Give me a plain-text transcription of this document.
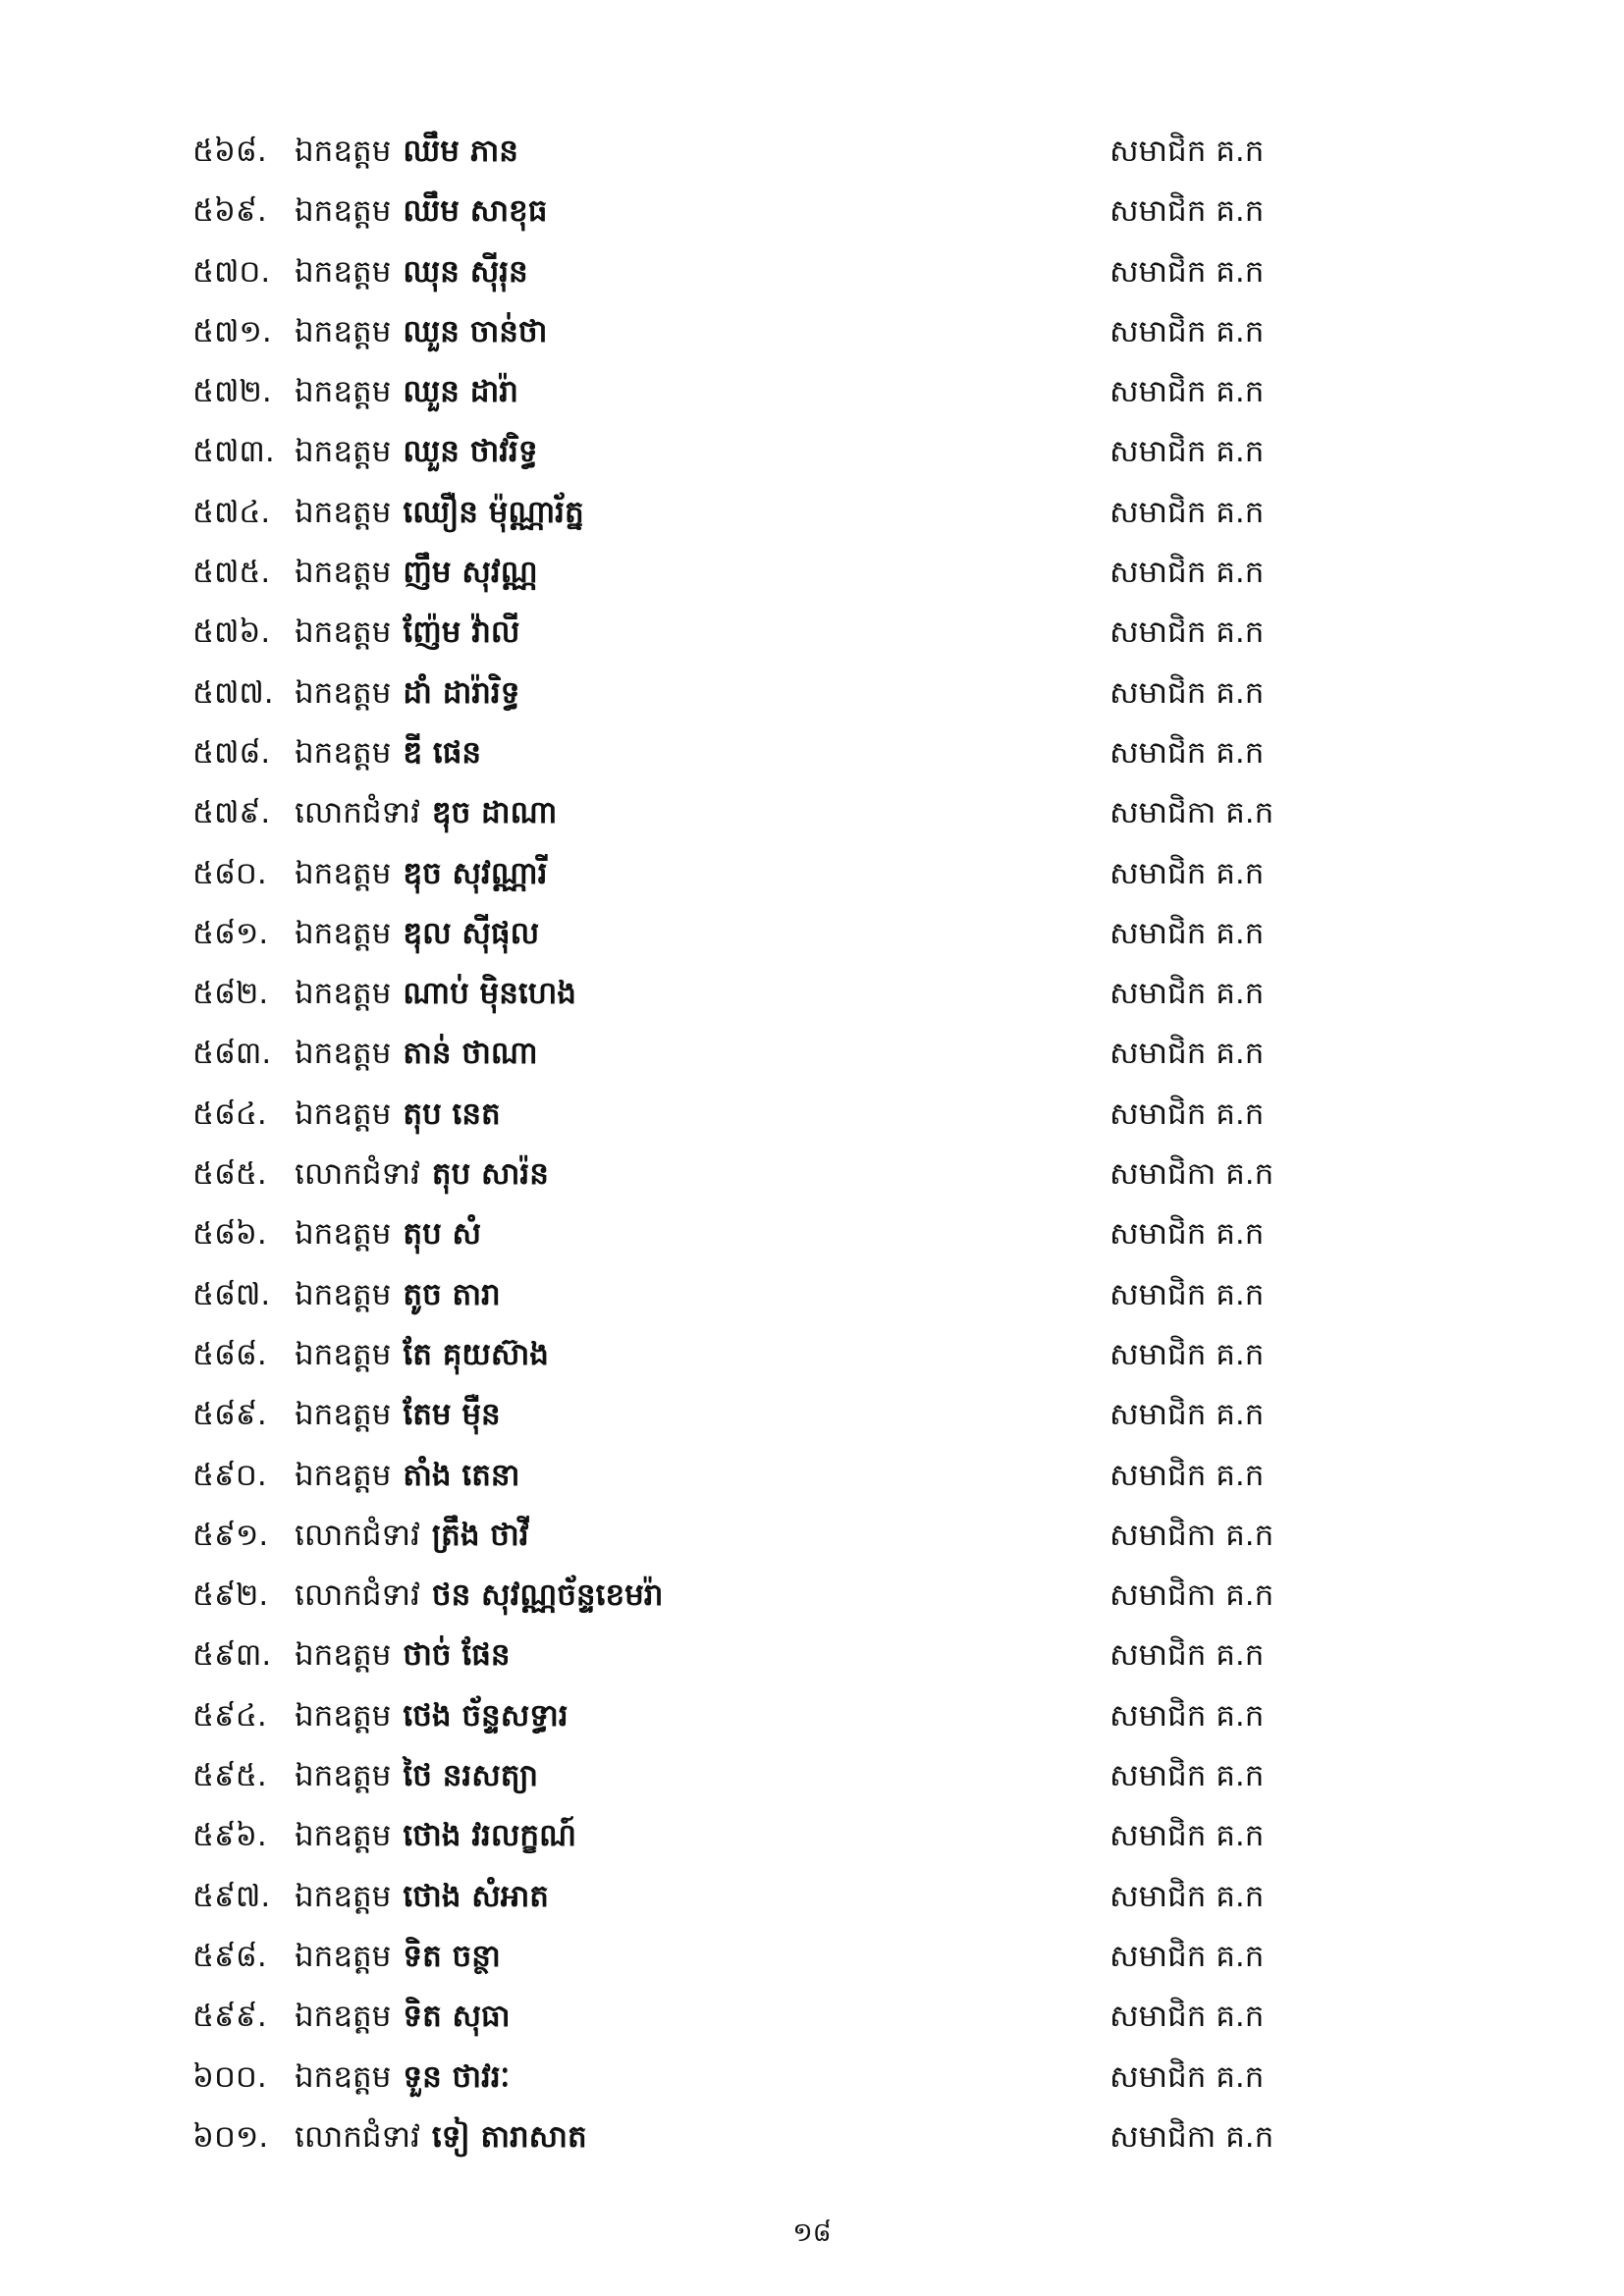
៥៦៨. ឯកឧត្តម ឈឹម ភាន	សមាជិក គ.ក
៥៦៩. ឯកឧត្តម ឈឹម សាខុធ	សមាជិក គ.ក
៥៧០. ឯកឧត្តម ឈុន ស៊ីរុន	សមាជិក គ.ក
៥៧១. ឯកឧត្តម ឈួន ចាន់ថា	សមាជិក គ.ក
៥៧២. ឯកឧត្តម ឈួន ដារ៉ា	សមាជិក គ.ក
៥៧៣. ឯកឧត្តម ឈួន ថាវរិទ្ធ	សមាជិក គ.ក
៥៧៤. ឯកឧត្តម ឈឿន ម៉ុណ្ណារ័ត្ន	សមាជិក គ.ក
៥៧៥. ឯកឧត្តម ញឹម សុវណ្ណ	សមាជិក គ.ក
៥៧៦. ឯកឧត្តម ញ៉ែម វ៉ាលី	សមាជិក គ.ក
៥៧៧. ឯកឧត្តម ដាំ ដារ៉ារិទ្ធ	សមាជិក គ.ក
៥៧៨. ឯកឧត្តម ឌី ផេន	សមាជិក គ.ក
៥៧៩. លោកជំទាវ ឌុច ដាណា	សមាជិកា គ.ក
៥៨០. ឯកឧត្តម ឌុច សុវណ្ណារី	សមាជិក គ.ក
៥៨១. ឯកឧត្តម ឌុល ស៊ីផុល	សមាជិក គ.ក
៥៨២. ឯកឧត្តម ណាប់ ម៉ិនហេង	សមាជិក គ.ក
៥៨៣. ឯកឧត្តម តាន់ ថាណា	សមាជិក គ.ក
៥៨៤. ឯកឧត្តម តុប នេត	សមាជិក គ.ក
៥៨៥. លោកជំទាវ តុប សារ៉ន	សមាជិកា គ.ក
៥៨៦. ឯកឧត្តម តុប សំ	សមាជិក គ.ក
៥៨៧. ឯកឧត្តម តូច តារា	សមាជិក គ.ក
៥៨៨. ឯកឧត្តម តែ គុយស៊ាង	សមាជិក គ.ក
៥៨៩. ឯកឧត្តម តែម ម៉ឺន	សមាជិក គ.ក
៥៩០. ឯកឧត្តម តាំង តេនា	សមាជិក គ.ក
៥៩១. លោកជំទាវ ត្រឹង ថាវី	សមាជិកា គ.ក
៥៩២. លោកជំទាវ ថន សុវណ្ណច័ន្ទខេមរ៉ា	សមាជិកា គ.ក
៥៩៣. ឯកឧត្តម ថាច់ ផែន	សមាជិក គ.ក
៥៩៤. ឯកឧត្តម ថេង ច័ន្ទសទ្ធារ	សមាជិក គ.ក
៥៩៥. ឯកឧត្តម ថៃ នរសត្យា	សមាជិក គ.ក
៥៩៦. ឯកឧត្តម ថោង វរលក្ខណ៍	សមាជិក គ.ក
៥៩៧. ឯកឧត្តម ថោង សំអាត	សមាជិក គ.ក
៥៩៨. ឯកឧត្តម ទិត ចន្ថា	សមាជិក គ.ក
៥៩៩. ឯកឧត្តម ទិត សុធា	សមាជិក គ.ក
៦០០. ឯកឧត្តម ទួន ថាវរៈ	សមាជិក គ.ក
៦០១. លោកជំទាវ ទៀ តារាសាត	សមាជិកា គ.ក
១៨
